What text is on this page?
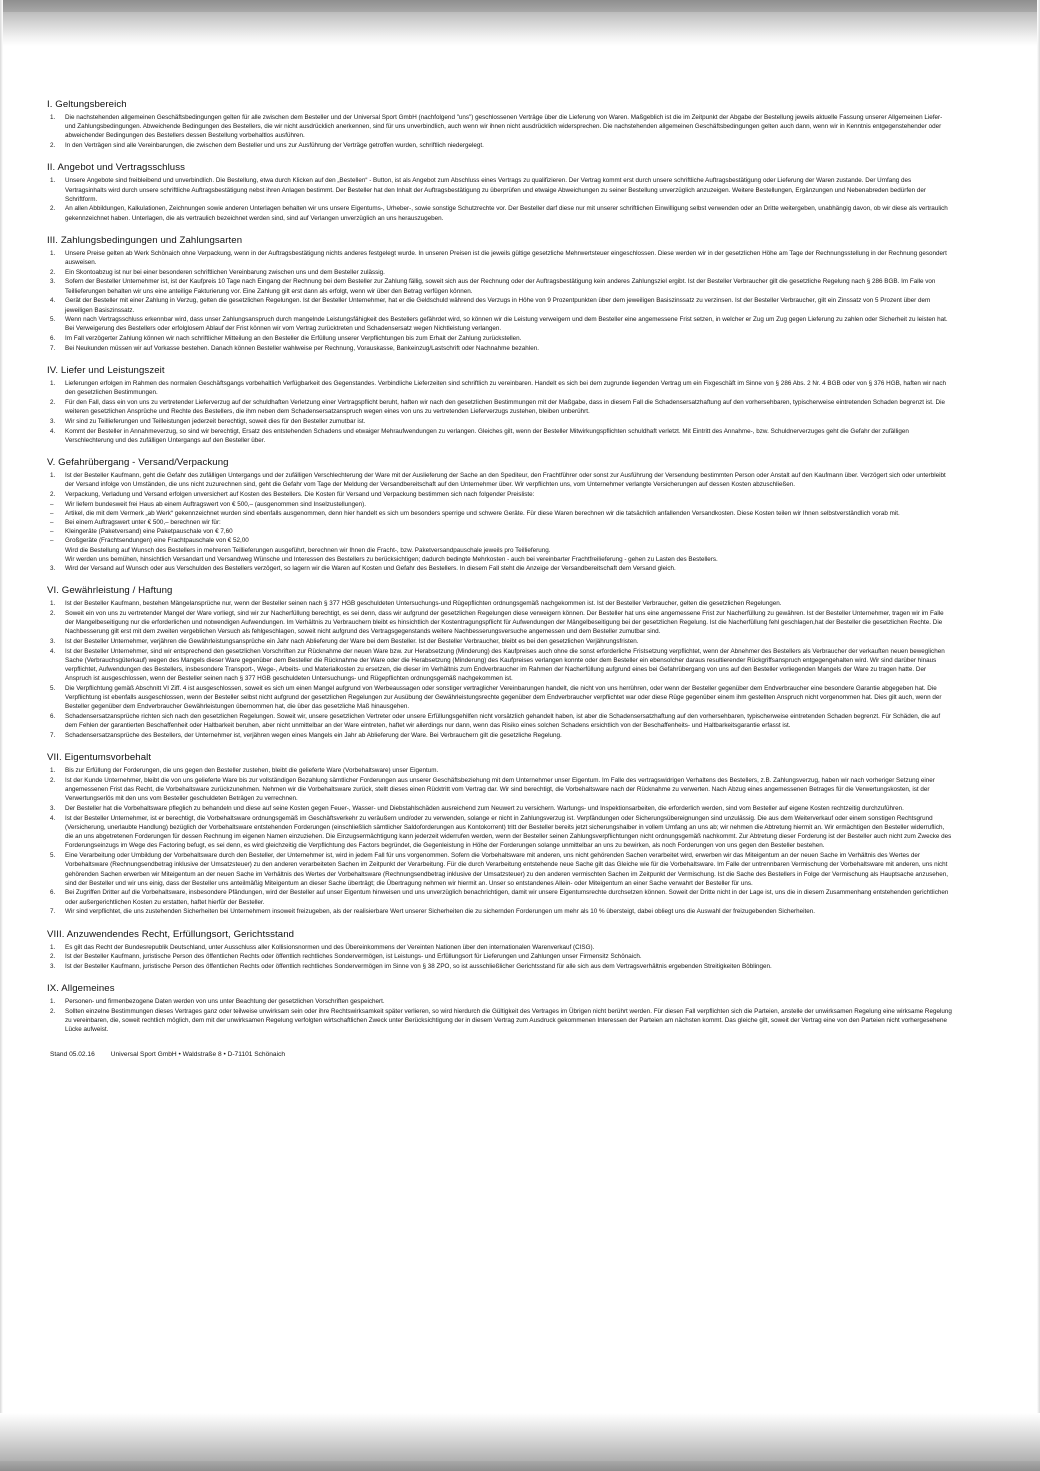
I. Geltungsbereich
Die nachstehenden allgemeinen Geschäftsbedingungen gelten für alle zwischen dem Besteller und der Universal Sport GmbH (nachfolgend "uns") geschlossenen Verträge über die Lieferung von Waren. Maßgeblich ist die im Zeitpunkt der Abgabe der Bestellung jeweils aktuelle Fassung unserer Allgemeinen Liefer- und Zahlungsbedingungen. Abweichende Bedingungen des Bestellers, die wir nicht ausdrücklich anerkennen, sind für uns unverbindlich, auch wenn wir ihnen nicht ausdrücklich widersprechen. Die nachstehenden allgemeinen Geschäftsbedingungen gelten auch dann, wenn wir in Kenntnis entgegenstehender oder abweichender Bedingungen des Bestellers dessen Bestellung vorbehaltlos ausführen.
In den Verträgen sind alle Vereinbarungen, die zwischen dem Besteller und uns zur Ausführung der Verträge getroffen wurden, schriftlich niedergelegt.
II. Angebot und Vertragsschluss
Unsere Angebote sind freibleibend und unverbindlich. Die Bestellung, etwa durch Klicken auf den „Bestellen“ - Button, ist als Angebot zum Abschluss eines Vertrags zu qualifizieren. Der Vertrag kommt erst durch unsere schriftliche Auftragsbestätigung oder Lieferung der Waren zustande. Der Umfang des Vertragsinhalts wird durch unsere schriftliche Auftragsbestätigung nebst ihren Anlagen bestimmt. Der Besteller hat den Inhalt der Auftragsbestätigung zu überprüfen und etwaige Abweichungen zu seiner Bestellung unverzüglich anzuzeigen. Weitere Bestellungen, Ergänzungen und Nebenabreden bedürfen der Schriftform.
An allen Abbildungen, Kalkulationen, Zeichnungen sowie anderen Unterlagen behalten wir uns unsere Eigentums-, Urheber-, sowie sonstige Schutzrechte vor. Der Besteller darf diese nur mit unserer schriftlichen Einwilligung selbst verwenden oder an Dritte weitergeben, unabhängig davon, ob wir diese als vertraulich gekennzeichnet haben. Unterlagen, die als vertraulich bezeichnet werden sind, sind auf Verlangen unverzüglich an uns herauszugeben.
III. Zahlungsbedingungen und Zahlungsarten
Unsere Preise gelten ab Werk Schönaich ohne Verpackung, wenn in der Auftragsbestätigung nichts anderes festgelegt wurde. In unseren Preisen ist die jeweils gültige gesetzliche Mehrwertsteuer eingeschlossen. Diese werden wir in der gesetzlichen Höhe am Tage der Rechnungsstellung in der Rechnung gesondert ausweisen.
Ein Skontoabzug ist nur bei einer besonderen schriftlichen Vereinbarung zwischen uns und dem Besteller zulässig.
Sofern der Besteller Unternehmer ist, ist der Kaufpreis 10 Tage nach Eingang der Rechnung bei dem Besteller zur Zahlung fällig, soweit sich aus der Rechnung oder der Auftragsbestätigung kein anderes Zahlungsziel ergibt. Ist der Besteller Verbraucher gilt die gesetzliche Regelung nach § 286 BGB. Im Falle von Teillieferungen behalten wir uns eine anteilige Fakturierung vor. Eine Zahlung gilt erst dann als erfolgt, wenn wir über den Betrag verfügen können.
Gerät der Besteller mit einer Zahlung in Verzug, gelten die gesetzlichen Regelungen. Ist der Besteller Unternehmer, hat er die Geldschuld während des Verzugs in Höhe von 9 Prozentpunkten über dem jeweiligen Basiszinssatz zu verzinsen. Ist der Besteller Verbraucher, gilt ein Zinssatz von 5 Prozent über dem jeweiligen Basiszinssatz.
Wenn nach Vertragsschluss erkennbar wird, dass unser Zahlungsanspruch durch mangelnde Leistungsfähigkeit des Bestellers gefährdet wird, so können wir die Leistung verweigern und dem Besteller eine angemessene Frist setzen, in welcher er Zug um Zug gegen Lieferung zu zahlen oder Sicherheit zu leisten hat. Bei Verweigerung des Bestellers oder erfolglosem Ablauf der Frist können wir vom Vertrag zurücktreten und Schadensersatz wegen Nichtleistung verlangen.
Im Fall verzögerter Zahlung können wir nach schriftlicher Mitteilung an den Besteller die Erfüllung unserer Verpflichtungen bis zum Erhalt der Zahlung zurückstellen.
Bei Neukunden müssen wir auf Vorkasse bestehen. Danach können Besteller wahlweise per Rechnung, Vorauskasse, Bankeinzug/Lastschrift oder Nachnahme bezahlen.
IV. Liefer und Leistungszeit
Lieferungen erfolgen im Rahmen des normalen Geschäftsgangs vorbehaltlich Verfügbarkeit des Gegenstandes. Verbindliche Lieferzeiten sind schriftlich zu vereinbaren. Handelt es sich bei dem zugrunde liegenden Vertrag um ein Fixgeschäft im Sinne von § 286 Abs. 2 Nr. 4 BGB oder von § 376 HGB, haften wir nach den gesetzlichen Bestimmungen.
Für den Fall, dass ein von uns zu vertretender Lieferverzug auf der schuldhaften Verletzung einer Vertragspflicht beruht, haften wir nach den gesetzlichen Bestimmungen mit der Maßgabe, dass in diesem Fall die Schadensersatzhaftung auf den vorhersehbaren, typischerweise eintretenden Schaden begrenzt ist. Die weiteren gesetzlichen Ansprüche und Rechte des Bestellers, die ihm neben dem Schadensersatzanspruch wegen eines von uns zu vertretenden Lieferverzugs zustehen, bleiben unberührt.
Wir sind zu Teillieferungen und Teilleistungen jederzeit berechtigt, soweit dies für den Besteller zumutbar ist.
Kommt der Besteller in Annahmeverzug, so sind wir berechtigt, Ersatz des entstehenden Schadens und etwaiger Mehraufwendungen zu verlangen. Gleiches gilt, wenn der Besteller Mitwirkungspflichten schuldhaft verletzt. Mit Eintritt des Annahme-, bzw. Schuldnerverzuges geht die Gefahr der zufälligen Verschlechterung und des zufälligen Untergangs auf den Besteller über.
V. Gefahrübergang - Versand/Verpackung
Ist der Besteller Kaufmann, geht die Gefahr des zufälligen Untergangs und der zufälligen Verschlechterung der Ware mit der Auslieferung der Sache an den Spediteur, den Frachtführer oder sonst zur Ausführung der Versendung bestimmten Person oder Anstalt auf den Kaufmann über. Verzögert sich oder unterbleibt der Versand infolge von Umständen, die uns nicht zuzurechnen sind, geht die Gefahr vom Tage der Meldung der Versandbereitschaft auf den Unternehmer über. Wir verpflichten uns, vom Unternehmer verlangte Versicherungen auf dessen Kosten abzuschließen.
Verpackung, Verladung und Versand erfolgen unversichert auf Kosten des Bestellers. Die Kosten für Versand und Verpackung bestimmen sich nach folgender Preisliste:
– Wir liefern bundesweit frei Haus ab einem Auftragswert von € 500,– (ausgenommen sind Inselzustellungen).
– Artikel, die mit dem Vermerk „ab Werk“ gekennzeichnet wurden sind ebenfalls ausgenommen, denn hier handelt es sich um besonders sperrige und schwere Geräte. Für diese Waren berechnen wir die tatsächlich anfallenden Versandkosten. Diese Kosten teilen wir Ihnen selbstverständlich vorab mit.
– Bei einem Auftragswert unter € 500,– berechnen wir für:
– Kleingeräte (Paketversand) eine Paketpauschale von € 7,60
– Großgeräte (Frachtsendungen) eine Frachtpauschale von € 52,00
Wird die Bestellung auf Wunsch des Bestellers in mehreren Teillieferungen ausgeführt, berechnen wir Ihnen die Fracht-, bzw. Paketversandpauschale jeweils pro Teillieferung.
Wir werden uns bemühen, hinsichtlich Versandart und Versandweg Wünsche und Interessen des Bestellers zu berücksichtigen; dadurch bedingte Mehrkosten - auch bei vereinbarter Frachtfreilieferung - gehen zu Lasten des Bestellers.
Wird der Versand auf Wunsch oder aus Verschulden des Bestellers verzögert, so lagern wir die Waren auf Kosten und Gefahr des Bestellers. In diesem Fall steht die Anzeige der Versandbereitschaft dem Versand gleich.
VI. Gewährleistung / Haftung
Ist der Besteller Kaufmann, bestehen Mängelansprüche nur, wenn der Besteller seinen nach § 377 HGB geschuldeten Untersuchungs-und Rügepflichten ordnungsgemäß nachgekommen ist. Ist der Besteller Verbraucher, gelten die gesetzlichen Regelungen.
Soweit ein von uns zu vertretender Mangel der Ware vorliegt, sind wir zur Nacherfüllung berechtigt, es sei denn, dass wir aufgrund der gesetzlichen Regelungen diese verweigern können. Der Besteller hat uns eine angemessene Frist zur Nacherfüllung zu gewähren. Ist der Besteller Unternehmer, tragen wir im Falle der Mangelbeseitigung nur die erforderlichen und notwendigen Aufwendungen. Im Verhältnis zu Verbrauchern bleibt es hinsichtlich der Kostentragungspflicht für Aufwendungen der Mängelbeseitigung bei der gesetzlichen Regelung. Ist die Nacherfüllung fehl geschlagen,hat der Besteller die gesetzlichen Rechte. Die Nachbesserung gilt erst mit dem zweiten vergeblichen Versuch als fehlgeschlagen, soweit nicht aufgrund des Vertragsgegenstands weitere Nachbesserungsversuche angemessen und dem Besteller zumutbar sind.
Ist der Besteller Unternehmer, verjähren die Gewährleistungsansprüche ein Jahr nach Ablieferung der Ware bei dem Besteller. Ist der Besteller Verbraucher, bleibt es bei den gesetzlichen Verjährungsfristen.
Ist der Besteller Unternehmer, sind wir entsprechend den gesetzlichen Vorschriften zur Rücknahme der neuen Ware bzw. zur Herabsetzung (Minderung) des Kaufpreises auch ohne die sonst erforderliche Fristsetzung verpflichtet, wenn der Abnehmer des Bestellers als Verbraucher der verkauften neuen beweglichen Sache (Verbrauchsgüterkauf) wegen des Mangels dieser Ware gegenüber dem Besteller die Rücknahme der Ware oder die Herabsetzung (Minderung) des Kaufpreises verlangen konnte oder dem Besteller ein ebensolcher daraus resultierender Rückgriffsanspruch entgegengehalten wird. Wir sind darüber hinaus verpflichtet, Aufwendungen des Bestellers, insbesondere Transport-, Wege-, Arbeits- und Materialkosten zu ersetzen, die dieser im Verhältnis zum Endverbraucher im Rahmen der Nacherfüllung aufgrund eines bei Gefahrübergang von uns auf den Besteller vorliegenden Mangels der Ware zu tragen hatte. Der Anspruch ist ausgeschlossen, wenn der Besteller seinen nach § 377 HGB geschuldeten Untersuchungs- und Rügepflichten ordnungsgemäß nachgekommen ist.
Die Verpflichtung gemäß Abschnitt VI Ziff. 4 ist ausgeschlossen, soweit es sich um einen Mangel aufgrund von Werbeaussagen oder sonstiger vertraglicher Vereinbarungen handelt, die nicht von uns herrühren, oder wenn der Besteller gegenüber dem Endverbraucher eine besondere Garantie abgegeben hat. Die Verpflichtung ist ebenfalls ausgeschlossen, wenn der Besteller selbst nicht aufgrund der gesetzlichen Regelungen zur Ausübung der Gewährleistungsrechte gegenüber dem Endverbraucher verpflichtet war oder diese Rüge gegenüber einem ihm gestellten Anspruch nicht vorgenommen hat. Dies gilt auch, wenn der Besteller gegenüber dem Endverbraucher Gewährleistungen übernommen hat, die über das gesetzliche Maß hinausgehen.
Schadensersatzansprüche richten sich nach den gesetzlichen Regelungen. Soweit wir, unsere gesetzlichen Vertreter oder unsere Erfüllungsgehilfen nicht vorsätzlich gehandelt haben, ist aber die Schadensersatzhaftung auf den vorhersehbaren, typischerweise eintretenden Schaden begrenzt. Für Schäden, die auf dem Fehlen der garantierten Beschaffenheit oder Haltbarkeit beruhen, aber nicht unmittelbar an der Ware eintreten, haftet wir allerdings nur dann, wenn das Risiko eines solchen Schadens ersichtlich von der Beschaffenheits- und Haltbarkeitsgarantie erfasst ist.
Schadensersatzansprüche des Bestellers, der Unternehmer ist, verjähren wegen eines Mangels ein Jahr ab Ablieferung der Ware. Bei Verbrauchern gilt die gesetzliche Regelung.
VII. Eigentumsvorbehalt
Bis zur Erfüllung der Forderungen, die uns gegen den Besteller zustehen, bleibt die gelieferte Ware (Vorbehaltsware) unser Eigentum.
Ist der Kunde Unternehmer, bleibt die von uns gelieferte Ware bis zur vollständigen Bezahlung sämtlicher Forderungen aus unserer Geschäftsbeziehung mit dem Unternehmer unser Eigentum. Im Falle des vertragswidrigen Verhaltens des Bestellers, z.B. Zahlungsverzug, haben wir nach vorheriger Setzung einer angemessenen Frist das Recht, die Vorbehaltsware zurückzunehmen. Nehmen wir die Vorbehaltsware zurück, stellt dieses einen Rücktritt vom Vertrag dar. Wir sind berechtigt, die Vorbehaltsware nach der Rücknahme zu verwerten. Nach Abzug eines angemessenen Betrages für die Verwertungskosten, ist der Verwertungserlös mit den uns vom Besteller geschuldeten Beträgen zu verrechnen.
Der Besteller hat die Vorbehaltsware pfleglich zu behandeln und diese auf seine Kosten gegen Feuer-, Wasser- und Diebstahlschäden ausreichend zum Neuwert zu versichern. Wartungs- und Inspektionsarbeiten, die erforderlich werden, sind vom Besteller auf eigene Kosten rechtzeitig durchzuführen.
Ist der Besteller Unternehmer, ist er berechtigt, die Vorbehaltsware ordnungsgemäß im Geschäftsverkehr zu veräußern und/oder zu verwenden, solange er nicht in Zahlungsverzug ist. Verpfändungen oder Sicherungsübereignungen sind unzulässig. Die aus dem Weiterverkauf oder einem sonstigen Rechtsgrund (Versicherung, unerlaubte Handlung) bezüglich der Vorbehaltsware entstehenden Forderungen (einschließlich sämtlicher Saldoforderungen aus Kontokorrent) tritt der Besteller bereits jetzt sicherungshalber in vollem Umfang an uns ab; wir nehmen die Abtretung hiermit an. Wir ermächtigen den Besteller widerruflich, die an uns abgetretenen Forderungen für dessen Rechnung im eigenen Namen einzuziehen. Die Einzugsermächtigung kann jederzeit widerrufen werden, wenn der Besteller seinen Zahlungsverpflichtungen nicht ordnungsgemäß nachkommt. Zur Abtretung dieser Forderung ist der Besteller auch nicht zum Zwecke des Forderungseinzugs im Wege des Factoring befugt, es sei denn, es wird gleichzeitig die Verpflichtung des Factors begründet, die Gegenleistung in Höhe der Forderungen solange unmittelbar an uns zu bewirken, als noch Forderungen von uns gegen den Besteller bestehen.
Eine Verarbeitung oder Umbildung der Vorbehaltsware durch den Besteller, der Unternehmer ist, wird in jedem Fall für uns vorgenommen. Sofern die Vorbehaltsware mit anderen, uns nicht gehörenden Sachen verarbeitet wird, erwerben wir das Miteigentum an der neuen Sache im Verhältnis des Wertes der Vorbehaltsware (Rechnungsendbetrag inklusive der Umsatzsteuer) zu den anderen verarbeiteten Sachen im Zeitpunkt der Verarbeitung. Für die durch Verarbeitung entstehende neue Sache gilt das Gleiche wie für die Vorbehaltsware. Im Falle der untrennbaren Vermischung der Vorbehaltsware mit anderen, uns nicht gehörenden Sachen erwerben wir Miteigentum an der neuen Sache im Verhältnis des Wertes der Vorbehaltsware (Rechnungsendbetrag inklusive der Umsatzsteuer) zu den anderen vermischten Sachen im Zeitpunkt der Vermischung. Ist die Sache des Bestellers in Folge der Vermischung als Hauptsache anzusehen, sind der Besteller und wir uns einig, dass der Besteller uns anteilmäßig Miteigentum an dieser Sache überträgt; die Übertragung nehmen wir hiermit an. Unser so entstandenes Allein- oder Miteigentum an einer Sache verwahrt der Besteller für uns.
Bei Zugriffen Dritter auf die Vorbehaltsware, insbesondere Pfändungen, wird der Besteller auf unser Eigentum hinweisen und uns unverzüglich benachrichtigen, damit wir unsere Eigentumsrechte durchsetzen können. Soweit der Dritte nicht in der Lage ist, uns die in diesem Zusammenhang entstehenden gerichtlichen oder außergerichtlichen Kosten zu erstatten, haftet hierfür der Besteller.
Wir sind verpflichtet, die uns zustehenden Sicherheiten bei Unternehmern insoweit freizugeben, als der realisierbare Wert unserer Sicherheiten die zu sichernden Forderungen um mehr als 10 % übersteigt, dabei obliegt uns die Auswahl der freizugebenden Sicherheiten.
VIII. Anzuwendendes Recht, Erfüllungsort, Gerichtsstand
Es gilt das Recht der Bundesrepublik Deutschland, unter Ausschluss aller Kollisionsnormen und des Übereinkommens der Vereinten Nationen über den internationalen Warenverkauf (CISG).
Ist der Besteller Kaufmann, juristische Person des öffentlichen Rechts oder öffentlich rechtliches Sondervermögen, ist Leistungs- und Erfüllungsort für Lieferungen und Zahlungen unser Firmensitz Schönaich.
Ist der Besteller Kaufmann, juristische Person des öffentlichen Rechts oder öffentlich rechtliches Sondervermögen im Sinne von § 38 ZPO, so ist ausschließlicher Gerichtsstand für alle sich aus dem Vertragsverhältnis ergebenden Streitigkeiten Böblingen.
IX. Allgemeines
Personen- und firmenbezogene Daten werden von uns unter Beachtung der gesetzlichen Vorschriften gespeichert.
Sollten einzelne Bestimmungen dieses Vertrages ganz oder teilweise unwirksam sein oder ihre Rechtswirksamkeit später verlieren, so wird hierdurch die Gültigkeit des Vertrages im Übrigen nicht berührt werden. Für diesen Fall verpflichten sich die Parteien, anstelle der unwirksamen Regelung eine wirksame Regelung zu vereinbaren, die, soweit rechtlich möglich, dem mit der unwirksamen Regelung verfolgten wirtschaftlichen Zweck unter Berücksichtigung der in diesem Vertrag zum Ausdruck gekommenen Interessen der Parteien am nächsten kommt. Das gleiche gilt, soweit der Vertrag eine von den Parteien nicht vorhergesehene Lücke aufweist.
Stand 05.02.16 Universal Sport GmbH • Waldstraße 8 • D-71101 Schönaich
